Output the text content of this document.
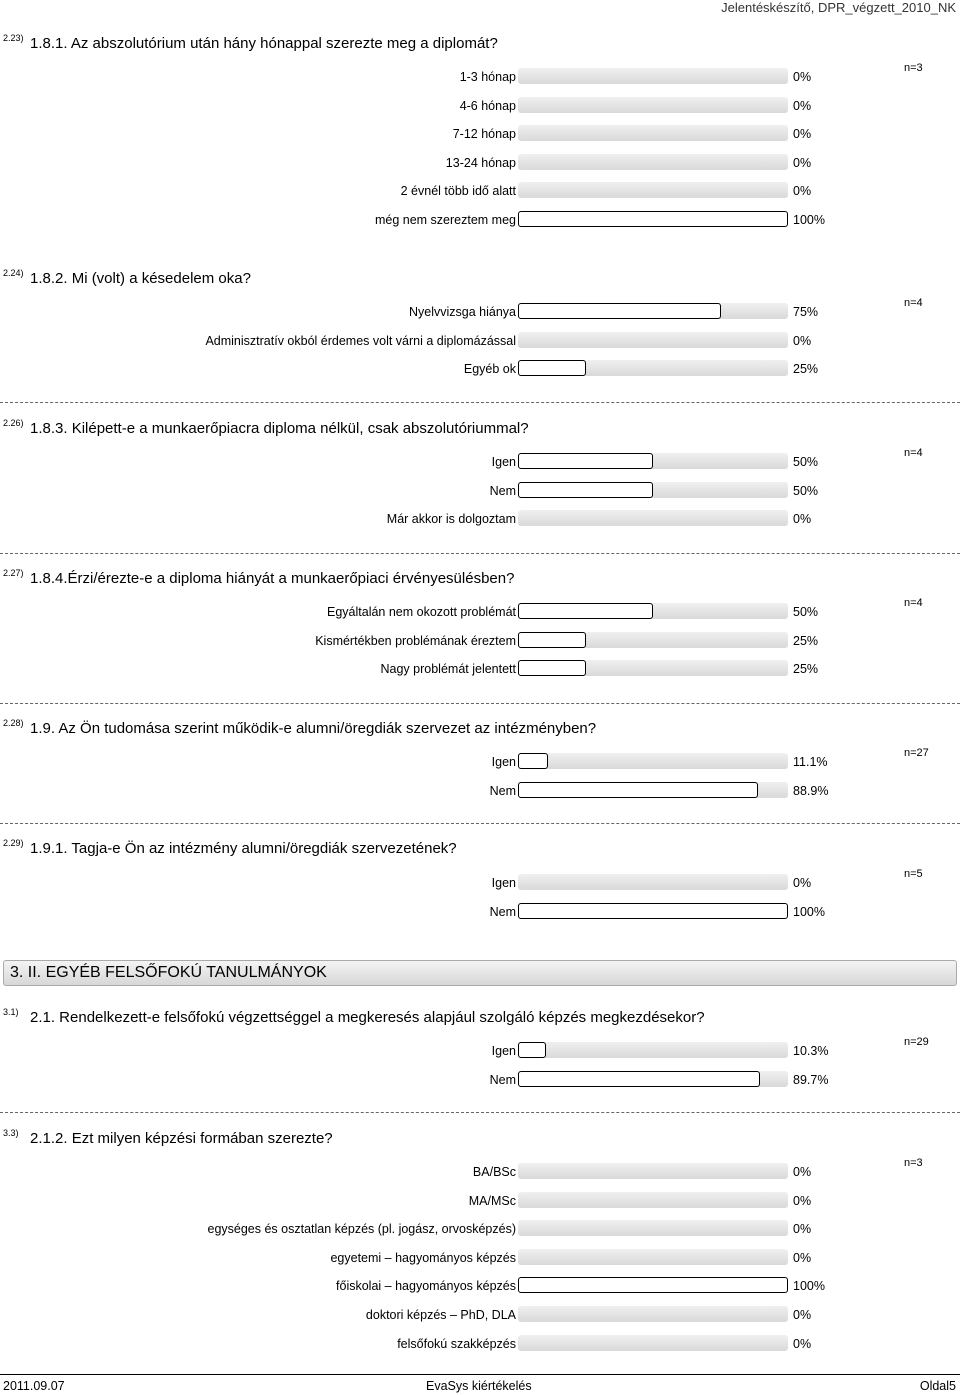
Jelentéskészítő, DPR_végzett_2010_NK
2.23) 1.8.1. Az abszolutórium után hány hónappal szerezte meg a diplomát?
n=3
1-3 hónap	0%
4-6 hónap	0%
7-12 hónap	0%
13-24 hónap	0%
2 évnél több idő alatt	0%
még nem szereztem meg	100%
2.24) 1.8.2. Mi (volt) a késedelem oka?
n=4
Nyelvvizsga hiánya	75%
Adminisztratív okból érdemes volt várni a diplomázással	0%
Egyéb ok	25%
2.26) 1.8.3. Kilépett-e a munkaerőpiacra diploma nélkül, csak abszolutóriummal?
n=4
Igen	50%
Nem	50%
Már akkor is dolgoztam	0%
2.27) 1.8.4.Érzi/érezte-e a diploma hiányát a munkaerőpiaci érvényesülésben?
n=4
Egyáltalán nem okozott problémát	50%
Kismértékben problémának éreztem	25%
Nagy problémát jelentett	25%
2.28) 1.9. Az Ön tudomása szerint működik-e alumni/öregdiák szervezet az intézményben?
n=27
Igen	11.1%
Nem	88.9%
2.29) 1.9.1. Tagja-e Ön az intézmény alumni/öregdiák szervezetének?
n=5
Igen	0%
Nem	100%
3.1) 2.1. Rendelkezett-e felsőfokú végzettséggel a megkeresés alapjául szolgáló képzés megkezdésekor?
n=29
Igen	10.3%
Nem	89.7%
3.3) 2.1.2. Ezt milyen képzési formában szerezte?
n=3
BA/BSc	0%
MA/MSc	0%
egységes és osztatlan képzés (pl. jogász, orvosképzés)	0%
egyetemi – hagyományos képzés	0%
főiskolai – hagyományos képzés	100%
doktori képzés – PhD, DLA	0%
felsőfokú szakképzés	0%
3. II. EGYÉB FELSŐFOKÚ TANULMÁNYOK
2011.09.07	EvaSys kiértékelés	Oldal5
